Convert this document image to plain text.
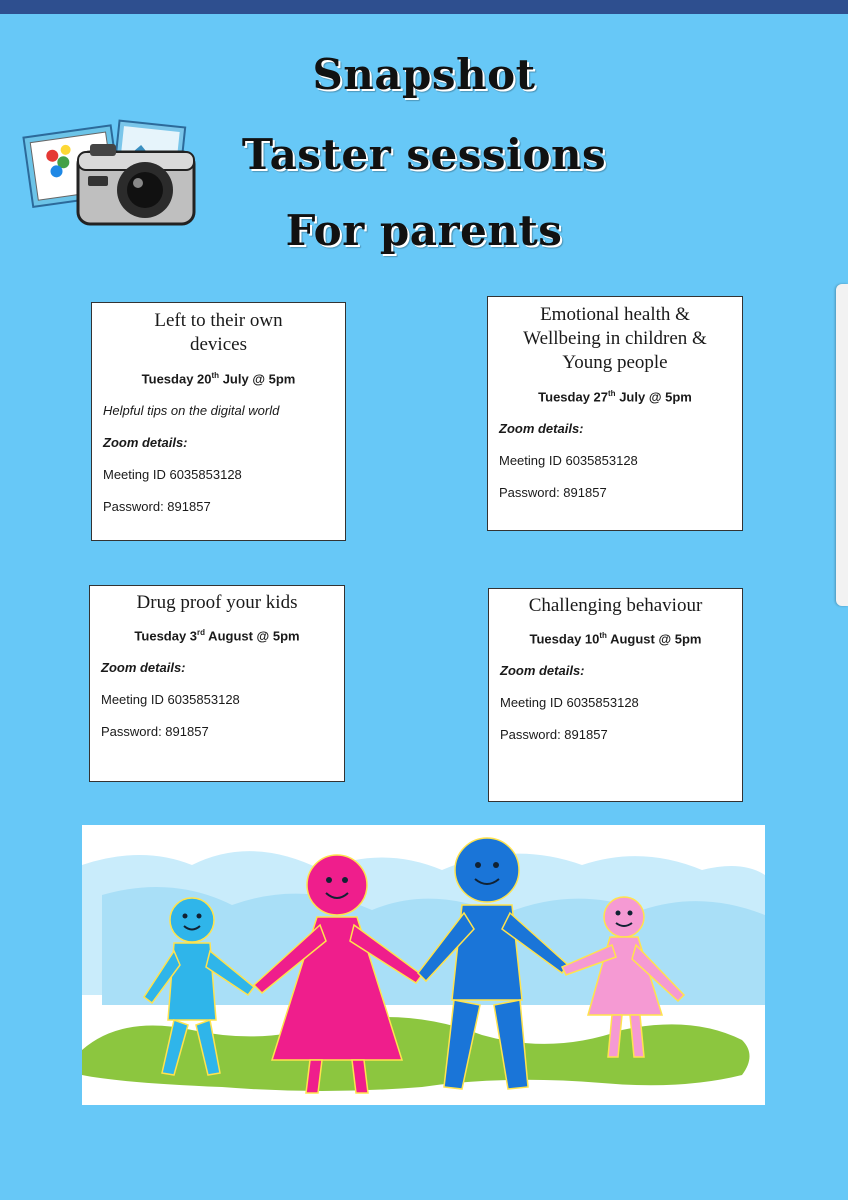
Snapshot
Taster sessions
For parents
Left to their own
devices
Tuesday 20th July @ 5pm
Helpful tips on the digital world
Zoom details:
Meeting ID 6035853128
Password: 891857
Emotional health &
Wellbeing in children &
Young people
Tuesday 27th July @ 5pm
Zoom details:
Meeting ID 6035853128
Password: 891857
Drug proof your kids
Tuesday 3rd August @ 5pm
Zoom details:
Meeting ID 6035853128
Password: 891857
Challenging behaviour
Tuesday 10th August @ 5pm
Zoom details:
Meeting ID 6035853128
Password: 891857
